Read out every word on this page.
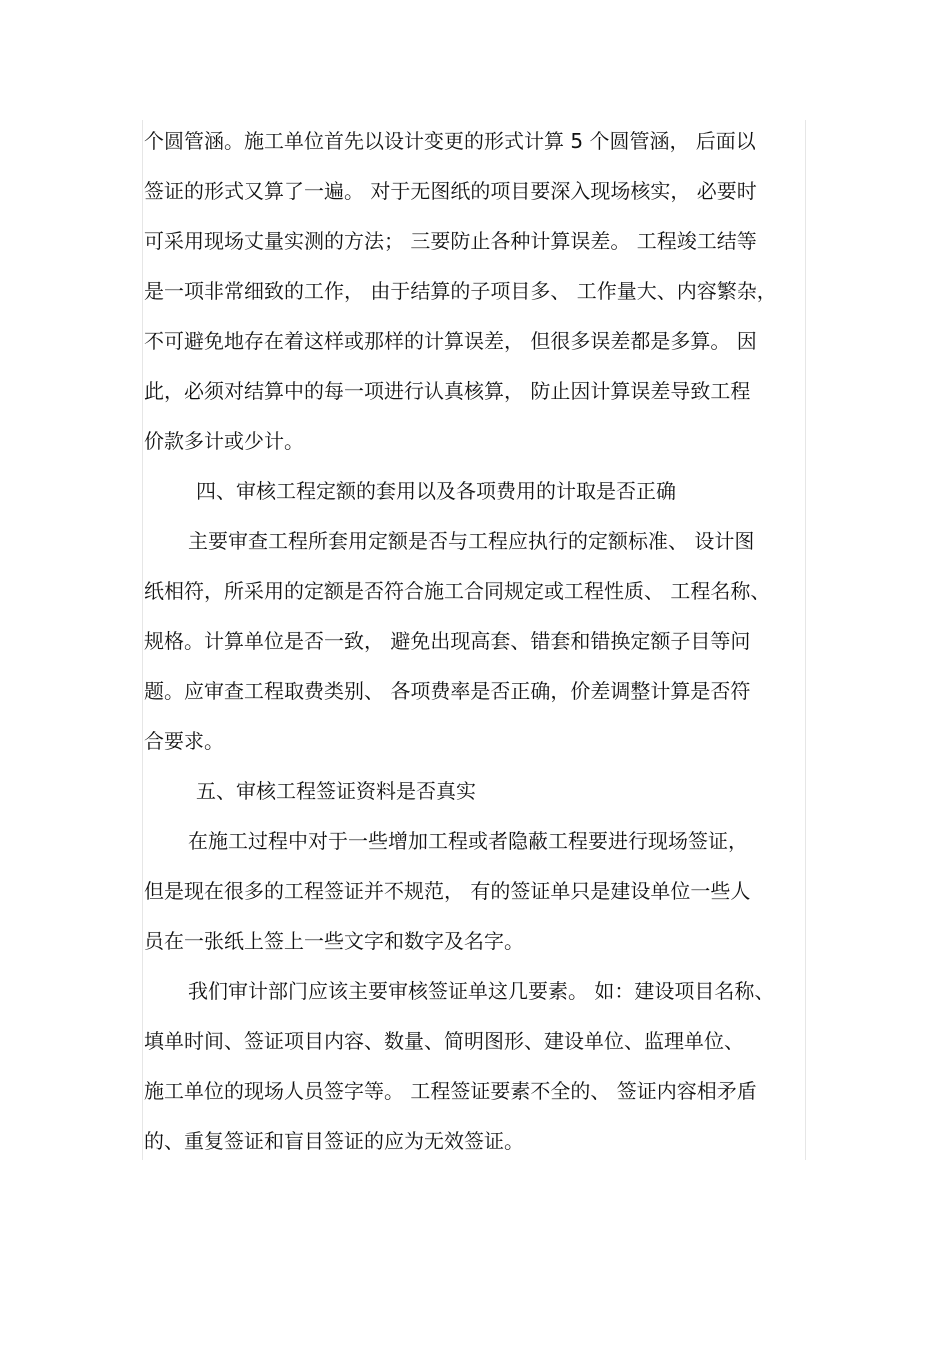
个圆管涵。施工单位首先以设计变更的形式计算 5 个圆管涵， 后面以
签证的形式又算了一遍。 对于无图纸的项目要深入现场核实， 必要时
可采用现场丈量实测的方法； 三要防止各种计算误差。 工程竣工结等
是一项非常细致的工作， 由于结算的子项目多、 工作量大、内容繁杂，
不可避免地存在着这样或那样的计算误差， 但很多误差都是多算。 因
此，必须对结算中的每一项进行认真核算， 防止因计算误差导致工程
价款多计或少计。
四、审核工程定额的套用以及各项费用的计取是否正确
主要审查工程所套用定额是否与工程应执行的定额标准、 设计图
纸相符，所采用的定额是否符合施工合同规定或工程性质、 工程名称、
规格。计算单位是否一致， 避免出现高套、错套和错换定额子目等问
题。应审查工程取费类别、 各项费率是否正确，价差调整计算是否符
合要求。
五、审核工程签证资料是否真实
在施工过程中对于一些增加工程或者隐蔽工程要进行现场签证，
但是现在很多的工程签证并不规范， 有的签证单只是建设单位一些人
员在一张纸上签上一些文字和数字及名字。
我们审计部门应该主要审核签证单这几要素。 如：建设项目名称、
填单时间、签证项目内容、数量、简明图形、建设单位、监理单位、
施工单位的现场人员签字等。 工程签证要素不全的、 签证内容相矛盾
的、重复签证和盲目签证的应为无效签证。
